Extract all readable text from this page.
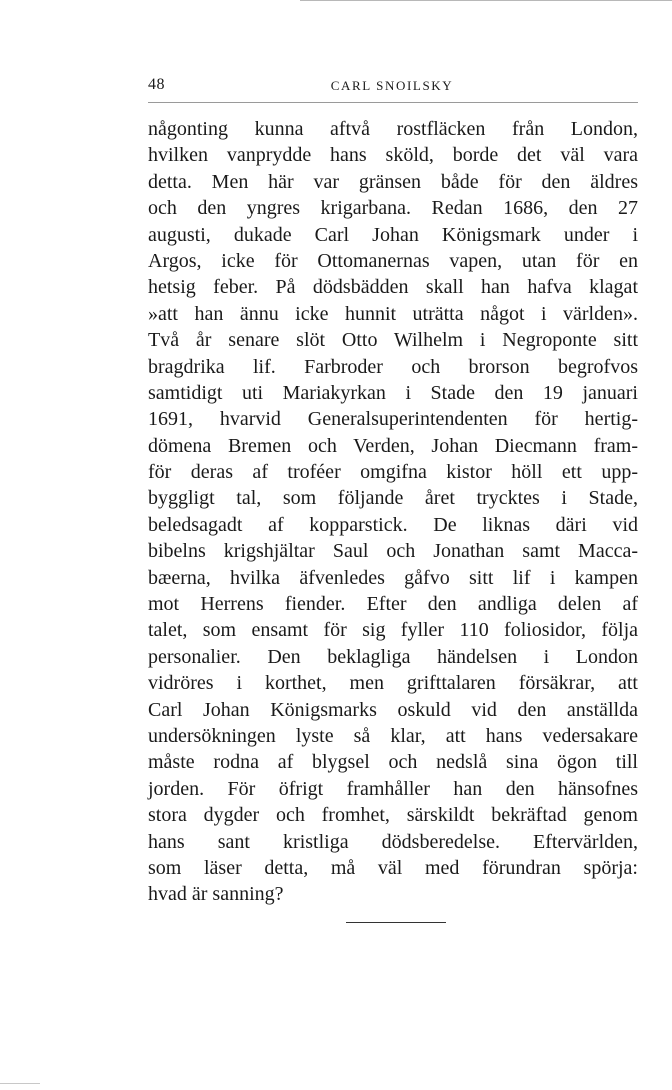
48	CARL SNOILSKY
någonting kunna aftvå rostfläcken från London,
hvilken vanprydde hans sköld, borde det väl vara
detta. Men här var gränsen både för den äldres
och den yngres krigarbana. Redan 1686, den 27
augusti, dukade Carl Johan Königsmark under i
Argos, icke för Ottomanernas vapen, utan för en
hetsig feber. På dödsbädden skall han hafva klagat
»att han ännu icke hunnit uträtta något i världen».
Två år senare slöt Otto Wilhelm i Negroponte sitt
bragdrika lif. Farbroder och brorson begrofvos
samtidigt uti Mariakyrkan i Stade den 19 januari
1691, hvarvid Generalsuperintendenten för hertig-
dömena Bremen och Verden, Johan Diecmann fram-
för deras af troféer omgifna kistor höll ett upp-
byggligt tal, som följande året trycktes i Stade,
beledsagadt af kopparstick. De liknas däri vid
bibelns krigshjältar Saul och Jonathan samt Macca-
bæerna, hvilka äfvenledes gåfvo sitt lif i kampen
mot Herrens fiender. Efter den andliga delen af
talet, som ensamt för sig fyller 110 foliosidor, följa
personalier. Den beklagliga händelsen i London
vidröres i korthet, men grifttalaren försäkrar, att
Carl Johan Königsmarks oskuld vid den anställda
undersökningen lyste så klar, att hans vedersakare
måste rodna af blygsel och nedslå sina ögon till
jorden. För öfrigt framhåller han den hänsofnes
stora dygder och fromhet, särskildt bekräftad genom
hans sant kristliga dödsberedelse. Eftervärlden,
som läser detta, må väl med förundran spörja:
hvad är sanning?
